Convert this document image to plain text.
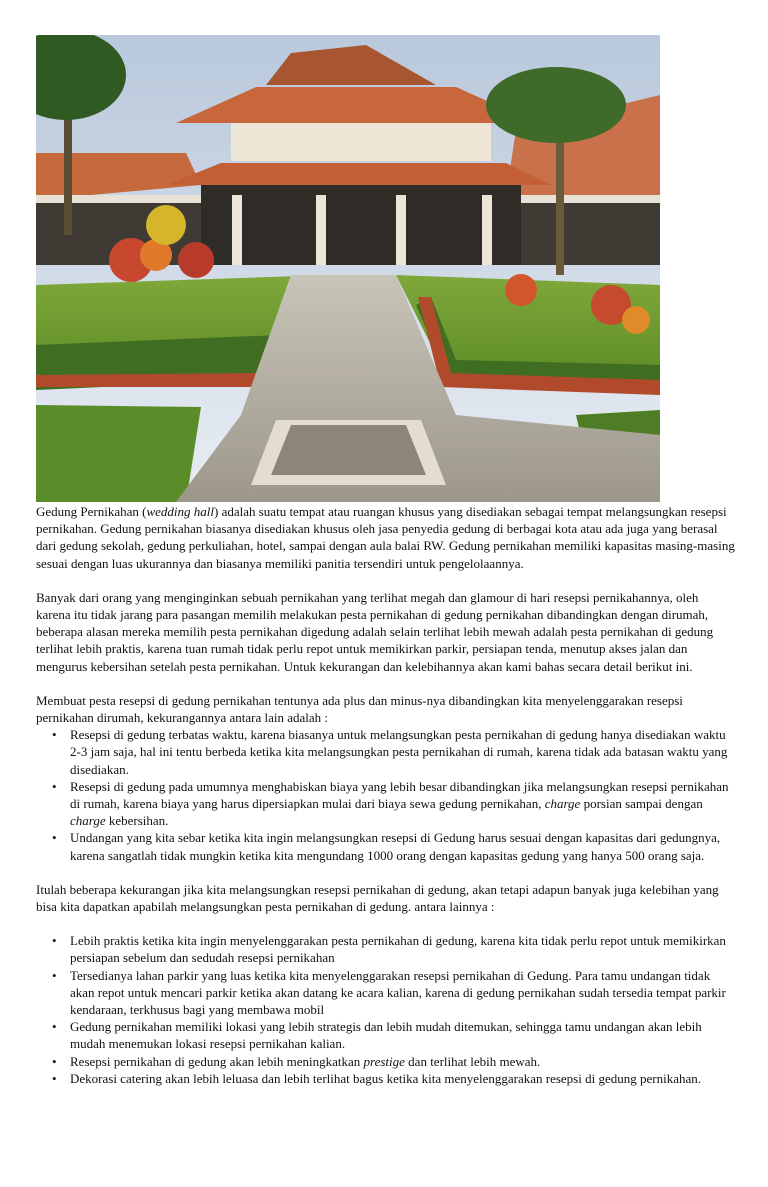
Gedung Pernikahan (wedding hall) adalah suatu tempat atau ruangan khusus yang disediakan sebagai tempat melangsungkan resepsi pernikahan. Gedung pernikahan biasanya disediakan khusus oleh jasa penyedia gedung di berbagai kota atau ada juga yang berasal dari gedung sekolah, gedung perkuliahan, hotel, sampai dengan aula balai RW. Gedung pernikahan memiliki kapasitas masing-masing sesuai dengan luas ukurannya dan biasanya memiliki panitia tersendiri untuk pengelolaannya.

Banyak dari orang yang menginginkan sebuah pernikahan yang terlihat megah dan glamour di hari resepsi pernikahannya, oleh karena itu tidak jarang para pasangan memilih melakukan pesta pernikahan di gedung pernikahan dibandingkan dengan dirumah, beberapa alasan mereka memilih pesta pernikahan digedung adalah selain terlihat lebih mewah adalah pesta pernikahan di gedung terlihat lebih praktis, karena tuan rumah tidak perlu repot untuk memikirkan parkir, persiapan tenda, menutup akses jalan dan mengurus kebersihan setelah pesta pernikahan. Untuk kekurangan dan kelebihannya akan kami bahas secara detail berikut ini.

Membuat pesta resepsi di gedung pernikahan tentunya ada plus dan minus-nya dibandingkan kita menyelenggarakan resepsi pernikahan dirumah, kekurangannya antara lain adalah :

• Resepsi di gedung terbatas waktu, karena biasanya untuk melangsungkan pesta pernikahan di gedung hanya disediakan waktu 2-3 jam saja, hal ini tentu berbeda ketika kita melangsungkan pesta pernikahan di rumah, karena tidak ada batasan waktu yang disediakan.
• Resepsi di gedung pada umumnya menghabiskan biaya yang lebih besar dibandingkan jika melangsungkan resepsi pernikahan di rumah, karena biaya yang harus dipersiapkan mulai dari biaya sewa gedung pernikahan, charge porsian sampai dengan charge kebersihan.
• Undangan yang kita sebar ketika kita ingin melangsungkan resepsi di Gedung harus sesuai dengan kapasitas dari gedungnya, karena sangatlah tidak mungkin ketika kita mengundang 1000 orang dengan kapasitas gedung yang hanya 500 orang saja.

Itulah beberapa kekurangan jika kita melangsungkan resepsi pernikahan di gedung, akan tetapi adapun banyak juga kelebihan yang bisa kita dapatkan apabilah melangsungkan pesta pernikahan di gedung. antara lainnya :

• Lebih praktis ketika kita ingin menyelenggarakan pesta pernikahan di gedung, karena kita tidak perlu repot untuk memikirkan persiapan sebelum dan sedudah resepsi pernikahan
• Tersedianya lahan parkir yang luas ketika kita menyelenggarakan resepsi pernikahan di Gedung. Para tamu undangan tidak akan repot untuk mencari parkir ketika akan datang ke acara kalian, karena di gedung pernikahan sudah tersedia tempat parkir kendaraan, terkhusus bagi yang membawa mobil
• Gedung pernikahan memiliki lokasi yang lebih strategis dan lebih mudah ditemukan, sehingga tamu undangan akan lebih mudah menemukan lokasi resepsi pernikahan kalian.
• Resepsi pernikahan di gedung akan lebih meningkatkan prestige dan terlihat lebih mewah.
• Dekorasi catering akan lebih leluasa dan lebih terlihat bagus ketika kita menyelenggarakan resepsi di gedung pernikahan.
